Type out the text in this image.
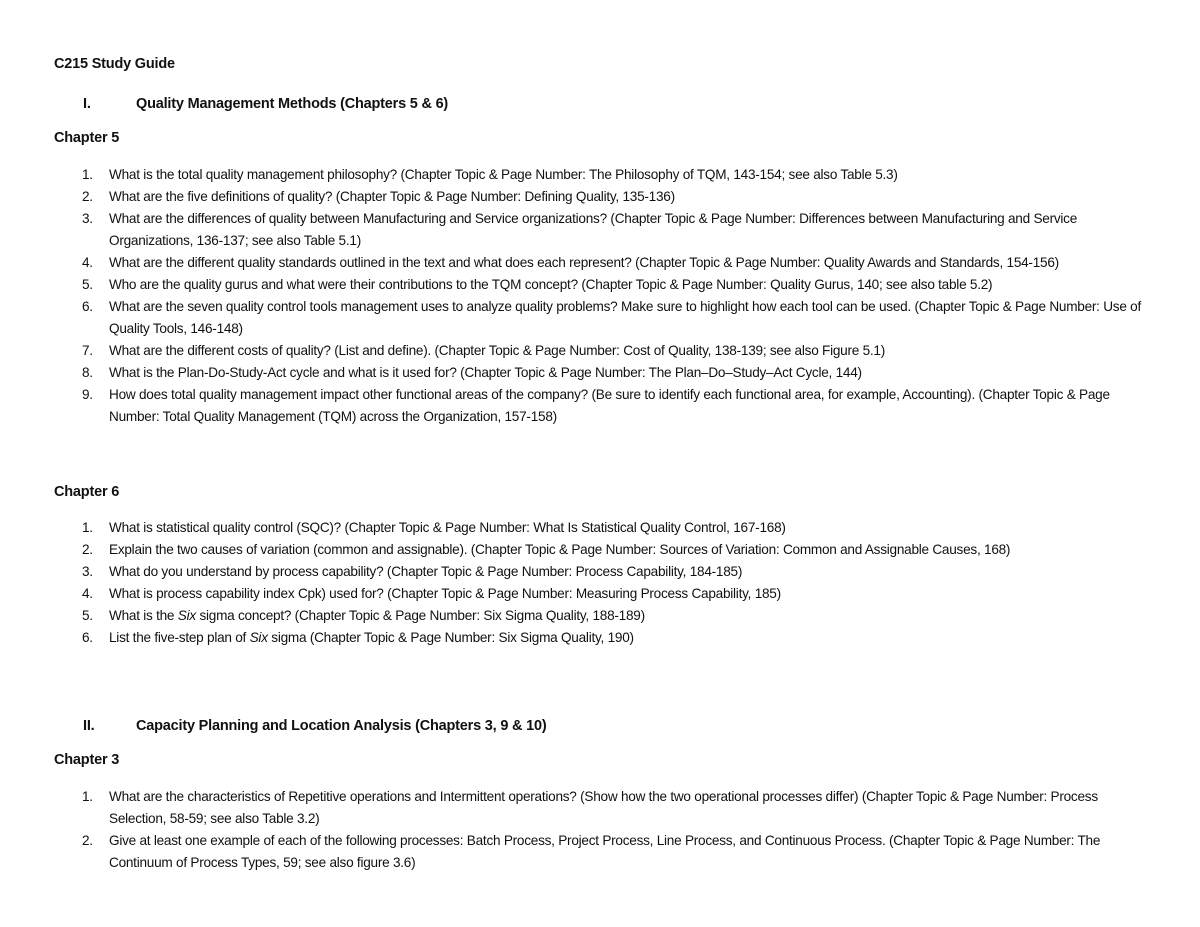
C215 Study Guide
I.	Quality Management Methods (Chapters 5 & 6)
Chapter 5
1. What is the total quality management philosophy? (Chapter Topic & Page Number: The Philosophy of TQM, 143-154; see also Table 5.3)
2. What are the five definitions of quality? (Chapter Topic & Page Number: Defining Quality, 135-136)
3. What are the differences of quality between Manufacturing and Service organizations? (Chapter Topic & Page Number: Differences between Manufacturing and Service Organizations, 136-137; see also Table 5.1)
4. What are the different quality standards outlined in the text and what does each represent? (Chapter Topic & Page Number: Quality Awards and Standards, 154-156)
5. Who are the quality gurus and what were their contributions to the TQM concept? (Chapter Topic & Page Number: Quality Gurus, 140; see also table 5.2)
6. What are the seven quality control tools management uses to analyze quality problems? Make sure to highlight how each tool can be used. (Chapter Topic & Page Number: Use of Quality Tools, 146-148)
7. What are the different costs of quality? (List and define). (Chapter Topic & Page Number: Cost of Quality, 138-139; see also Figure 5.1)
8. What is the Plan-Do-Study-Act cycle and what is it used for? (Chapter Topic & Page Number: The Plan–Do–Study–Act Cycle, 144)
9. How does total quality management impact other functional areas of the company? (Be sure to identify each functional area, for example, Accounting). (Chapter Topic & Page Number: Total Quality Management (TQM) across the Organization, 157-158)
Chapter 6
1. What is statistical quality control (SQC)? (Chapter Topic & Page Number: What Is Statistical Quality Control, 167-168)
2. Explain the two causes of variation (common and assignable). (Chapter Topic & Page Number: Sources of Variation: Common and Assignable Causes, 168)
3. What do you understand by process capability? (Chapter Topic & Page Number: Process Capability, 184-185)
4. What is process capability index Cpk) used for? (Chapter Topic & Page Number: Measuring Process Capability, 185)
5. What is the Six sigma concept? (Chapter Topic & Page Number: Six Sigma Quality, 188-189)
6. List the five-step plan of Six sigma (Chapter Topic & Page Number: Six Sigma Quality, 190)
II.	Capacity Planning and Location Analysis (Chapters 3, 9 & 10)
Chapter 3
1. What are the characteristics of Repetitive operations and Intermittent operations? (Show how the two operational processes differ) (Chapter Topic & Page Number: Process Selection, 58-59; see also Table 3.2)
2. Give at least one example of each of the following processes: Batch Process, Project Process, Line Process, and Continuous Process. (Chapter Topic & Page Number: The Continuum of Process Types, 59; see also figure 3.6)
